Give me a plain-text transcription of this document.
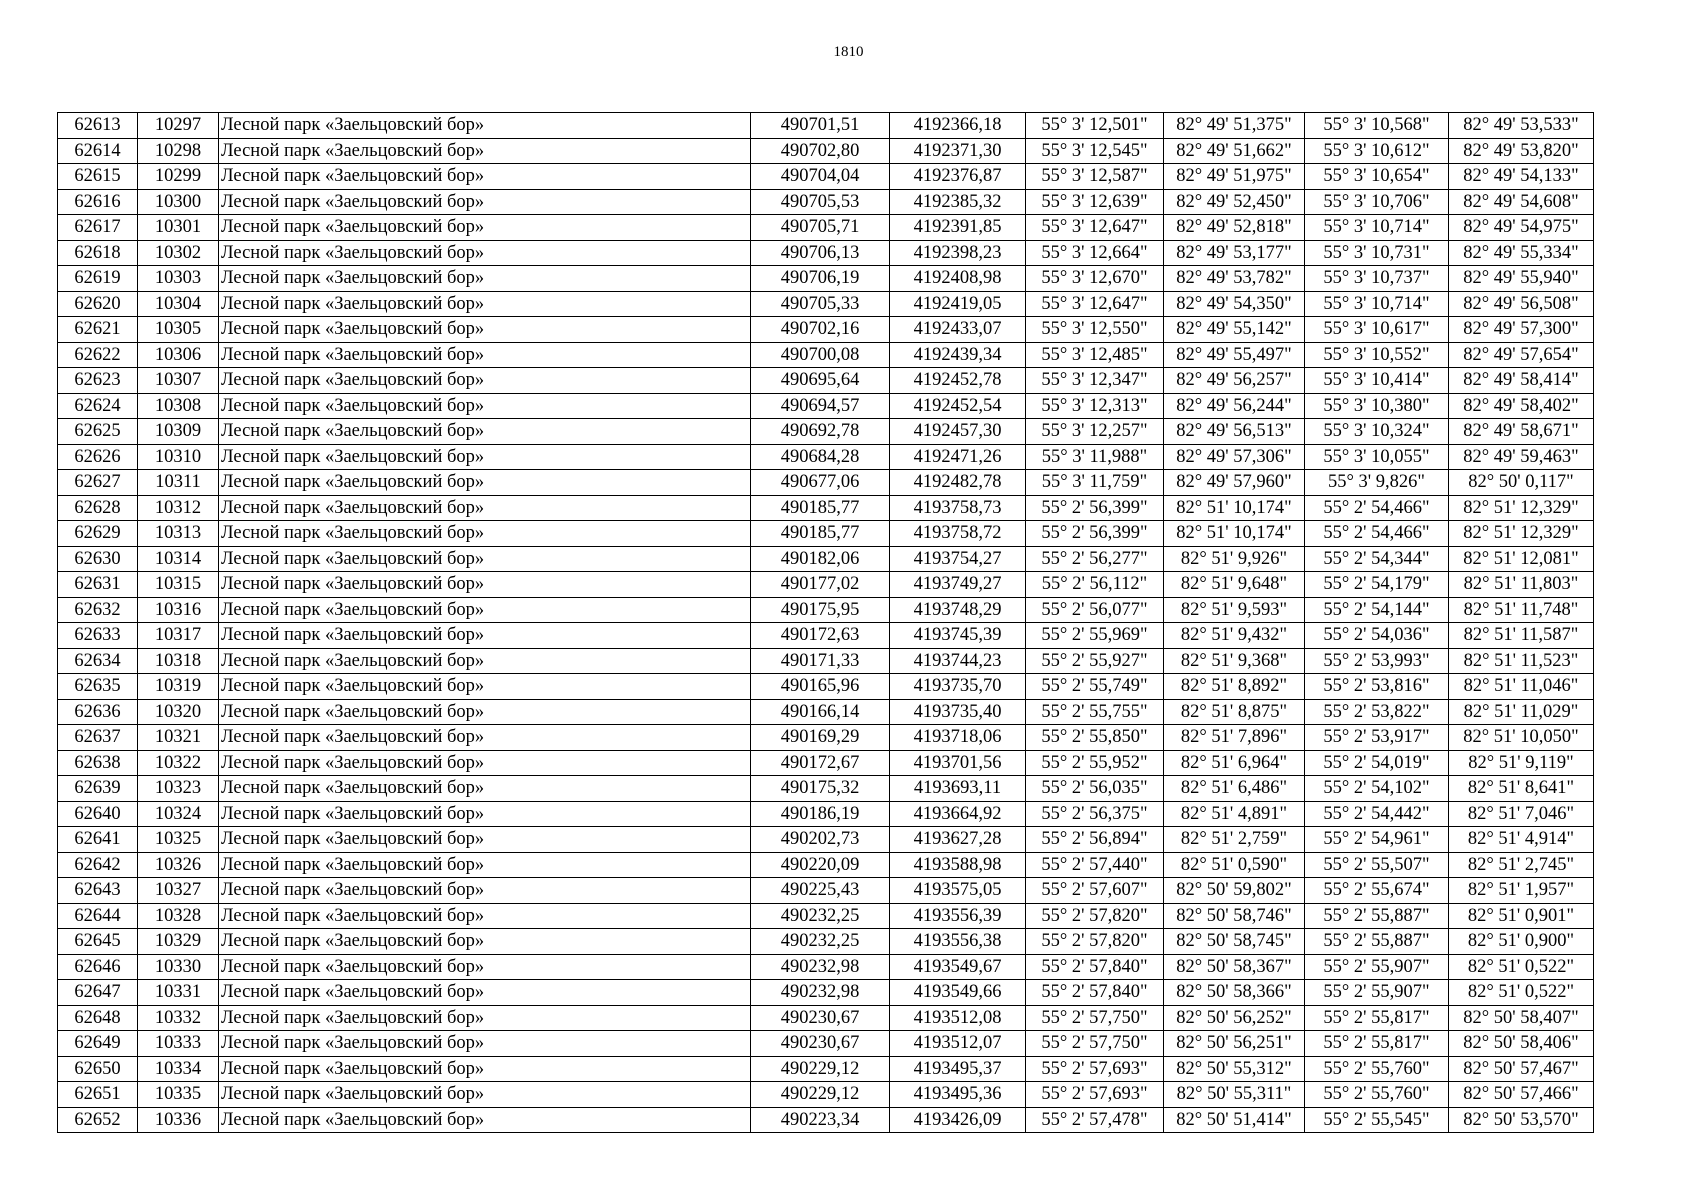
1810
62613	10297	Лесной парк «Заельцовский бор»	490701,51	4192366,18	55° 3' 12,501"	82° 49' 51,375"	55° 3' 10,568"	82° 49' 53,533"
62614	10298	Лесной парк «Заельцовский бор»	490702,80	4192371,30	55° 3' 12,545"	82° 49' 51,662"	55° 3' 10,612"	82° 49' 53,820"
62615	10299	Лесной парк «Заельцовский бор»	490704,04	4192376,87	55° 3' 12,587"	82° 49' 51,975"	55° 3' 10,654"	82° 49' 54,133"
62616	10300	Лесной парк «Заельцовский бор»	490705,53	4192385,32	55° 3' 12,639"	82° 49' 52,450"	55° 3' 10,706"	82° 49' 54,608"
62617	10301	Лесной парк «Заельцовский бор»	490705,71	4192391,85	55° 3' 12,647"	82° 49' 52,818"	55° 3' 10,714"	82° 49' 54,975"
62618	10302	Лесной парк «Заельцовский бор»	490706,13	4192398,23	55° 3' 12,664"	82° 49' 53,177"	55° 3' 10,731"	82° 49' 55,334"
62619	10303	Лесной парк «Заельцовский бор»	490706,19	4192408,98	55° 3' 12,670"	82° 49' 53,782"	55° 3' 10,737"	82° 49' 55,940"
62620	10304	Лесной парк «Заельцовский бор»	490705,33	4192419,05	55° 3' 12,647"	82° 49' 54,350"	55° 3' 10,714"	82° 49' 56,508"
62621	10305	Лесной парк «Заельцовский бор»	490702,16	4192433,07	55° 3' 12,550"	82° 49' 55,142"	55° 3' 10,617"	82° 49' 57,300"
62622	10306	Лесной парк «Заельцовский бор»	490700,08	4192439,34	55° 3' 12,485"	82° 49' 55,497"	55° 3' 10,552"	82° 49' 57,654"
62623	10307	Лесной парк «Заельцовский бор»	490695,64	4192452,78	55° 3' 12,347"	82° 49' 56,257"	55° 3' 10,414"	82° 49' 58,414"
62624	10308	Лесной парк «Заельцовский бор»	490694,57	4192452,54	55° 3' 12,313"	82° 49' 56,244"	55° 3' 10,380"	82° 49' 58,402"
62625	10309	Лесной парк «Заельцовский бор»	490692,78	4192457,30	55° 3' 12,257"	82° 49' 56,513"	55° 3' 10,324"	82° 49' 58,671"
62626	10310	Лесной парк «Заельцовский бор»	490684,28	4192471,26	55° 3' 11,988"	82° 49' 57,306"	55° 3' 10,055"	82° 49' 59,463"
62627	10311	Лесной парк «Заельцовский бор»	490677,06	4192482,78	55° 3' 11,759"	82° 49' 57,960"	55° 3' 9,826"	82° 50' 0,117"
62628	10312	Лесной парк «Заельцовский бор»	490185,77	4193758,73	55° 2' 56,399"	82° 51' 10,174"	55° 2' 54,466"	82° 51' 12,329"
62629	10313	Лесной парк «Заельцовский бор»	490185,77	4193758,72	55° 2' 56,399"	82° 51' 10,174"	55° 2' 54,466"	82° 51' 12,329"
62630	10314	Лесной парк «Заельцовский бор»	490182,06	4193754,27	55° 2' 56,277"	82° 51' 9,926"	55° 2' 54,344"	82° 51' 12,081"
62631	10315	Лесной парк «Заельцовский бор»	490177,02	4193749,27	55° 2' 56,112"	82° 51' 9,648"	55° 2' 54,179"	82° 51' 11,803"
62632	10316	Лесной парк «Заельцовский бор»	490175,95	4193748,29	55° 2' 56,077"	82° 51' 9,593"	55° 2' 54,144"	82° 51' 11,748"
62633	10317	Лесной парк «Заельцовский бор»	490172,63	4193745,39	55° 2' 55,969"	82° 51' 9,432"	55° 2' 54,036"	82° 51' 11,587"
62634	10318	Лесной парк «Заельцовский бор»	490171,33	4193744,23	55° 2' 55,927"	82° 51' 9,368"	55° 2' 53,993"	82° 51' 11,523"
62635	10319	Лесной парк «Заельцовский бор»	490165,96	4193735,70	55° 2' 55,749"	82° 51' 8,892"	55° 2' 53,816"	82° 51' 11,046"
62636	10320	Лесной парк «Заельцовский бор»	490166,14	4193735,40	55° 2' 55,755"	82° 51' 8,875"	55° 2' 53,822"	82° 51' 11,029"
62637	10321	Лесной парк «Заельцовский бор»	490169,29	4193718,06	55° 2' 55,850"	82° 51' 7,896"	55° 2' 53,917"	82° 51' 10,050"
62638	10322	Лесной парк «Заельцовский бор»	490172,67	4193701,56	55° 2' 55,952"	82° 51' 6,964"	55° 2' 54,019"	82° 51' 9,119"
62639	10323	Лесной парк «Заельцовский бор»	490175,32	4193693,11	55° 2' 56,035"	82° 51' 6,486"	55° 2' 54,102"	82° 51' 8,641"
62640	10324	Лесной парк «Заельцовский бор»	490186,19	4193664,92	55° 2' 56,375"	82° 51' 4,891"	55° 2' 54,442"	82° 51' 7,046"
62641	10325	Лесной парк «Заельцовский бор»	490202,73	4193627,28	55° 2' 56,894"	82° 51' 2,759"	55° 2' 54,961"	82° 51' 4,914"
62642	10326	Лесной парк «Заельцовский бор»	490220,09	4193588,98	55° 2' 57,440"	82° 51' 0,590"	55° 2' 55,507"	82° 51' 2,745"
62643	10327	Лесной парк «Заельцовский бор»	490225,43	4193575,05	55° 2' 57,607"	82° 50' 59,802"	55° 2' 55,674"	82° 51' 1,957"
62644	10328	Лесной парк «Заельцовский бор»	490232,25	4193556,39	55° 2' 57,820"	82° 50' 58,746"	55° 2' 55,887"	82° 51' 0,901"
62645	10329	Лесной парк «Заельцовский бор»	490232,25	4193556,38	55° 2' 57,820"	82° 50' 58,745"	55° 2' 55,887"	82° 51' 0,900"
62646	10330	Лесной парк «Заельцовский бор»	490232,98	4193549,67	55° 2' 57,840"	82° 50' 58,367"	55° 2' 55,907"	82° 51' 0,522"
62647	10331	Лесной парк «Заельцовский бор»	490232,98	4193549,66	55° 2' 57,840"	82° 50' 58,366"	55° 2' 55,907"	82° 51' 0,522"
62648	10332	Лесной парк «Заельцовский бор»	490230,67	4193512,08	55° 2' 57,750"	82° 50' 56,252"	55° 2' 55,817"	82° 50' 58,407"
62649	10333	Лесной парк «Заельцовский бор»	490230,67	4193512,07	55° 2' 57,750"	82° 50' 56,251"	55° 2' 55,817"	82° 50' 58,406"
62650	10334	Лесной парк «Заельцовский бор»	490229,12	4193495,37	55° 2' 57,693"	82° 50' 55,312"	55° 2' 55,760"	82° 50' 57,467"
62651	10335	Лесной парк «Заельцовский бор»	490229,12	4193495,36	55° 2' 57,693"	82° 50' 55,311"	55° 2' 55,760"	82° 50' 57,466"
62652	10336	Лесной парк «Заельцовский бор»	490223,34	4193426,09	55° 2' 57,478"	82° 50' 51,414"	55° 2' 55,545"	82° 50' 53,570"
